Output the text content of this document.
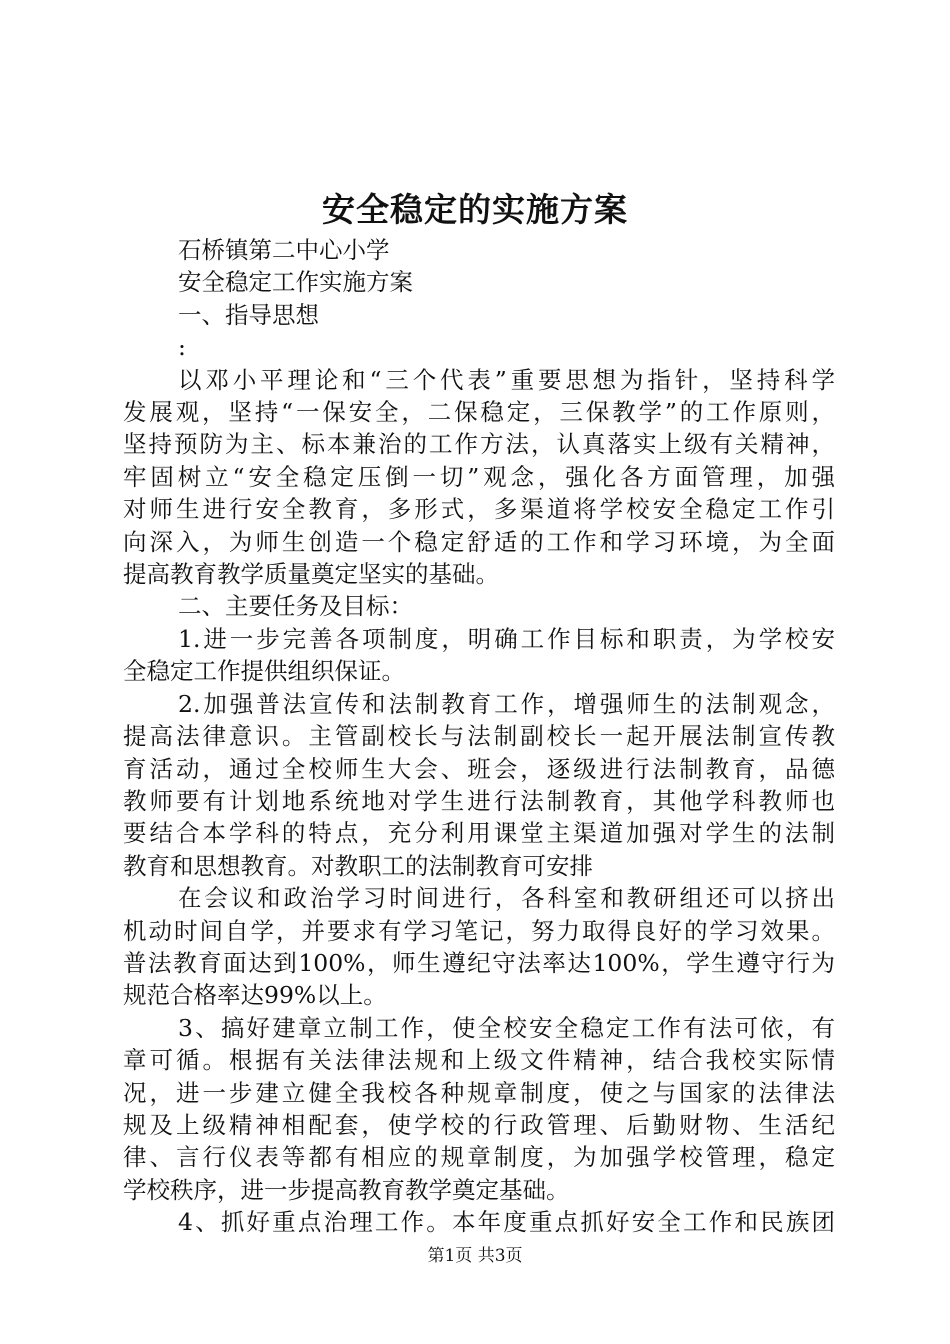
安全稳定的实施方案
石桥镇第二中心小学
安全稳定工作实施方案
一、指导思想
:
以邓小平理论和“三个代表”重要思想为指针，坚持科学
发展观，坚持“一保安全，二保稳定，三保教学”的工作原则，
坚持预防为主、标本兼治的工作方法，认真落实上级有关精神，
牢固树立“安全稳定压倒一切”观念，强化各方面管理，加强
对师生进行安全教育，多形式，多渠道将学校安全稳定工作引
向深入，为师生创造一个稳定舒适的工作和学习环境，为全面
提高教育教学质量奠定坚实的基础。
二、主要任务及目标：
1.进一步完善各项制度，明确工作目标和职责，为学校安
全稳定工作提供组织保证。
2.加强普法宣传和法制教育工作，增强师生的法制观念，
提高法律意识。主管副校长与法制副校长一起开展法制宣传教
育活动，通过全校师生大会、班会，逐级进行法制教育，品德
教师要有计划地系统地对学生进行法制教育，其他学科教师也
要结合本学科的特点，充分利用课堂主渠道加强对学生的法制
教育和思想教育。对教职工的法制教育可安排
在会议和政治学习时间进行，各科室和教研组还可以挤出
机动时间自学，并要求有学习笔记，努力取得良好的学习效果。
普法教育面达到100%，师生遵纪守法率达100%，学生遵守行为
规范合格率达99%以上。
3、搞好建章立制工作，使全校安全稳定工作有法可依，有
章可循。根据有关法律法规和上级文件精神，结合我校实际情
况，进一步建立健全我校各种规章制度，使之与国家的法律法
规及上级精神相配套，使学校的行政管理、后勤财物、生活纪
律、言行仪表等都有相应的规章制度，为加强学校管理，稳定
学校秩序，进一步提高教育教学奠定基础。
4、抓好重点治理工作。本年度重点抓好安全工作和民族团
第1页 共3页
